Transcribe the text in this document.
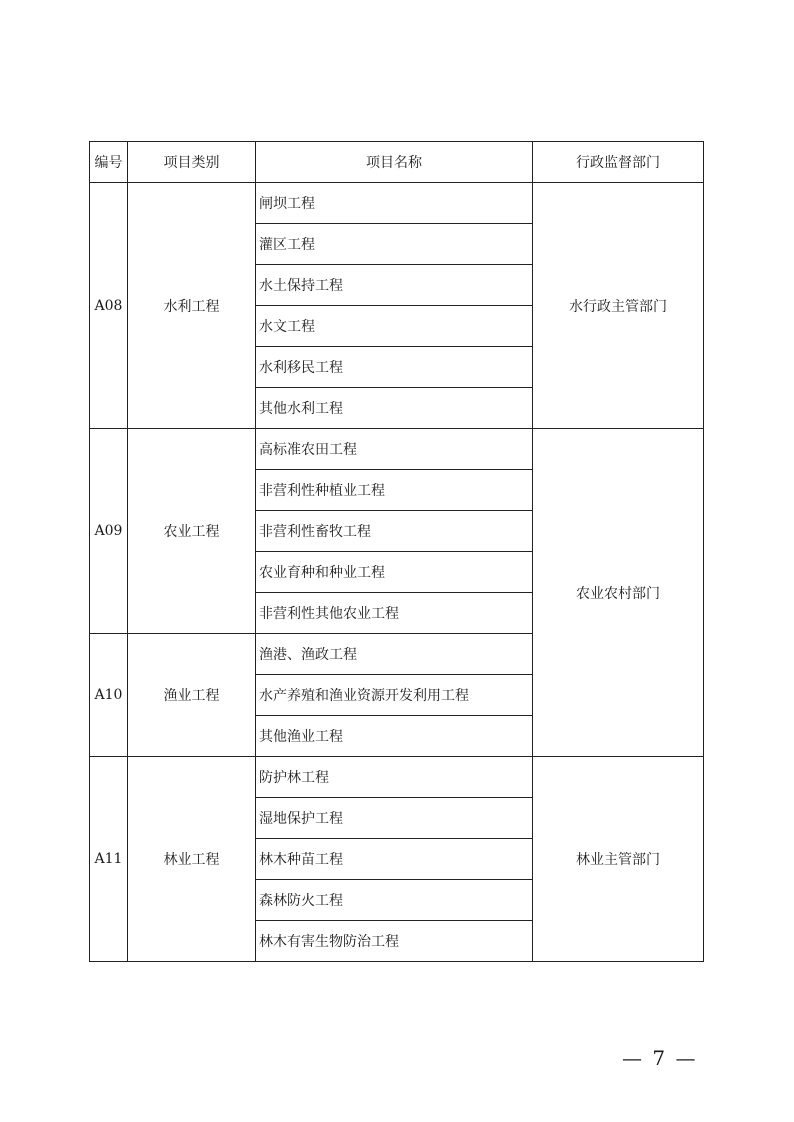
编号	项目类别	项目名称	行政监督部门
A08	水利工程	闸坝工程	水行政主管部门
		灌区工程	
		水土保持工程	
		水文工程	
		水利移民工程	
		其他水利工程	
A09	农业工程	高标准农田工程	农业农村部门
		非营利性种植业工程	
		非营利性畜牧工程	
		农业育种和种业工程	
		非营利性其他农业工程	
A10	渔业工程	渔港、渔政工程	
		水产养殖和渔业资源开发利用工程	
		其他渔业工程	
A11	林业工程	防护林工程	林业主管部门
		湿地保护工程	
		林木种苗工程	
		森林防火工程	
		林木有害生物防治工程	
— 7 —
